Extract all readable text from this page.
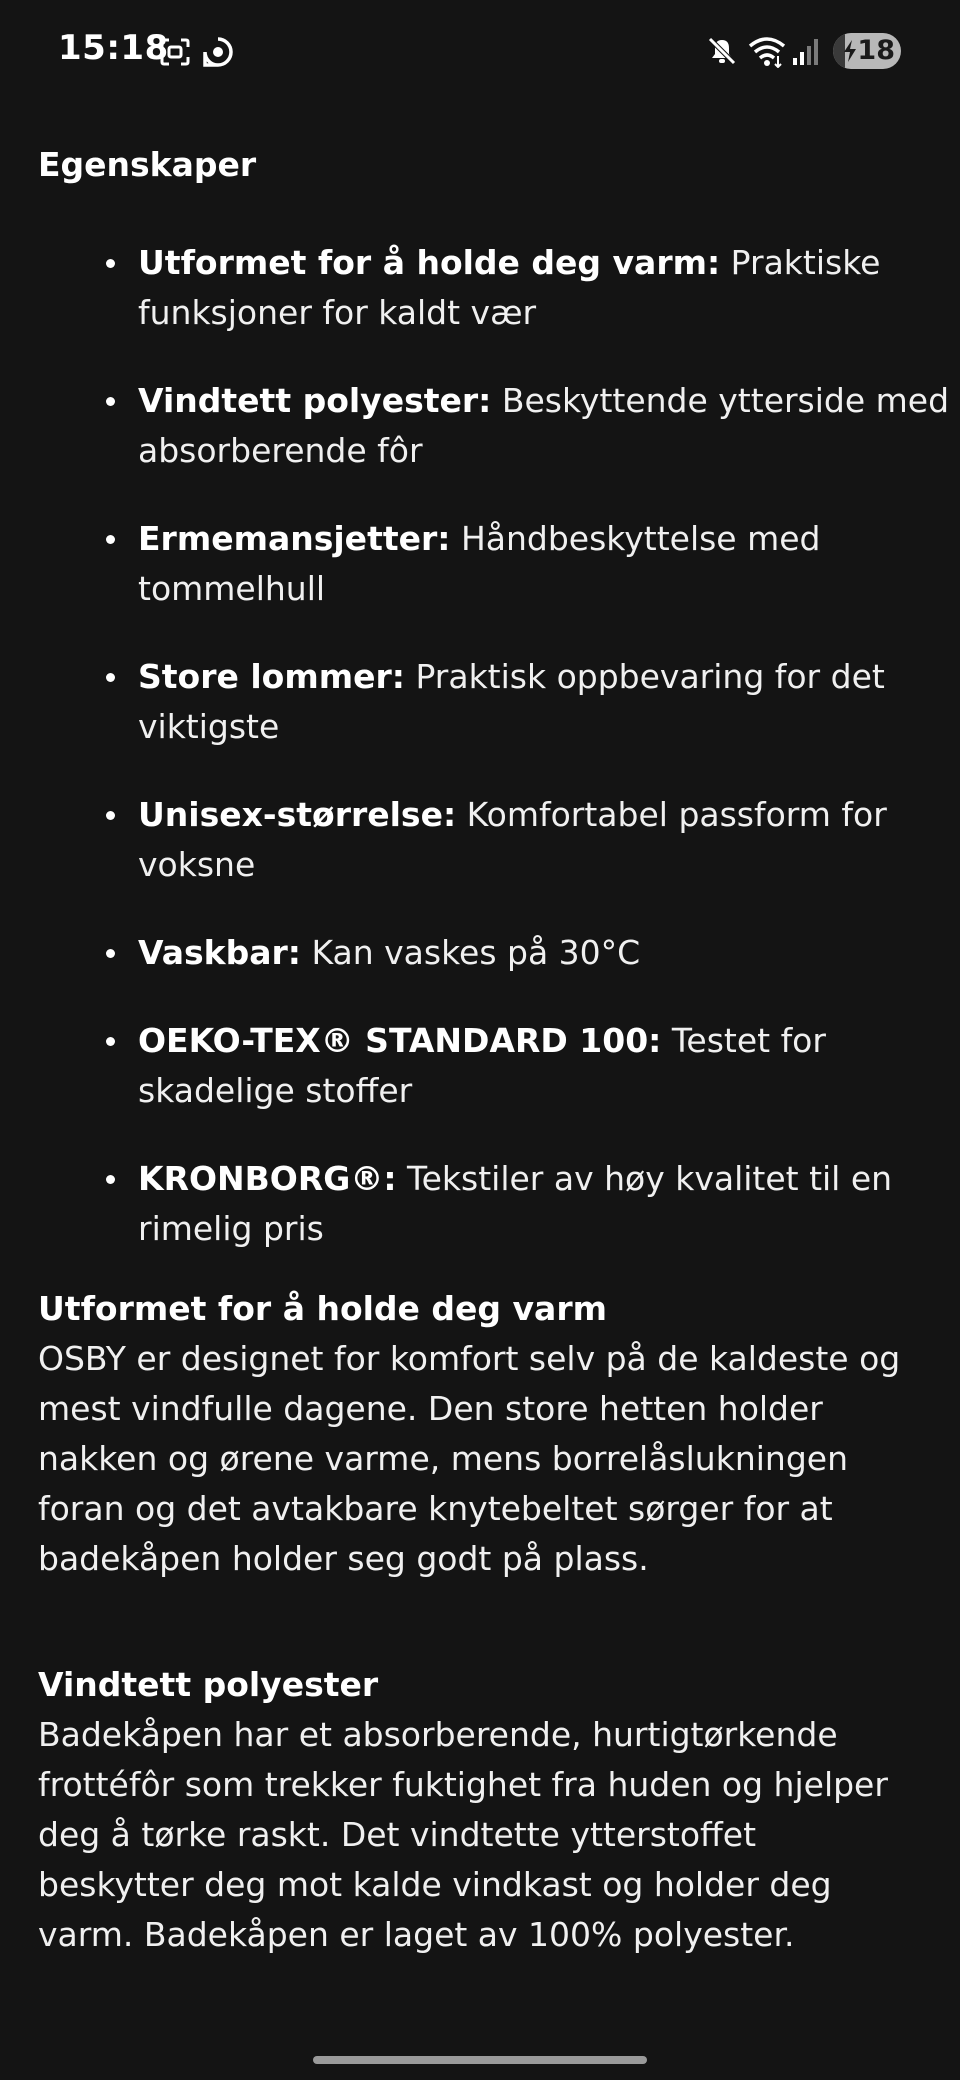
15:18	18
Egenskaper
Utformet for å holde deg varm: Praktiske funksjoner for kaldt vær
Vindtett polyester: Beskyttende ytterside med absorberende fôr
Ermemansjetter: Håndbeskyttelse med tommelhull
Store lommer: Praktisk oppbevaring for det viktigste
Unisex-størrelse: Komfortabel passform for voksne
Vaskbar: Kan vaskes på 30°C
OEKO-TEX® STANDARD 100: Testet for skadelige stoffer
KRONBORG®: Tekstiler av høy kvalitet til en rimelig pris

Utformet for å holde deg varm
OSBY er designet for komfort selv på de kaldeste og mest vindfulle dagene. Den store hetten holder nakken og ørene varme, mens borrelåslukningen foran og det avtakbare knytebeltet sørger for at badekåpen holder seg godt på plass.

Vindtett polyester
Badekåpen har et absorberende, hurtigtørkende frottéfôr som trekker fuktighet fra huden og hjelper deg å tørke raskt. Det vindtette ytterstoffet beskytter deg mot kalde vindkast og holder deg varm. Badekåpen er laget av 100% polyester.
